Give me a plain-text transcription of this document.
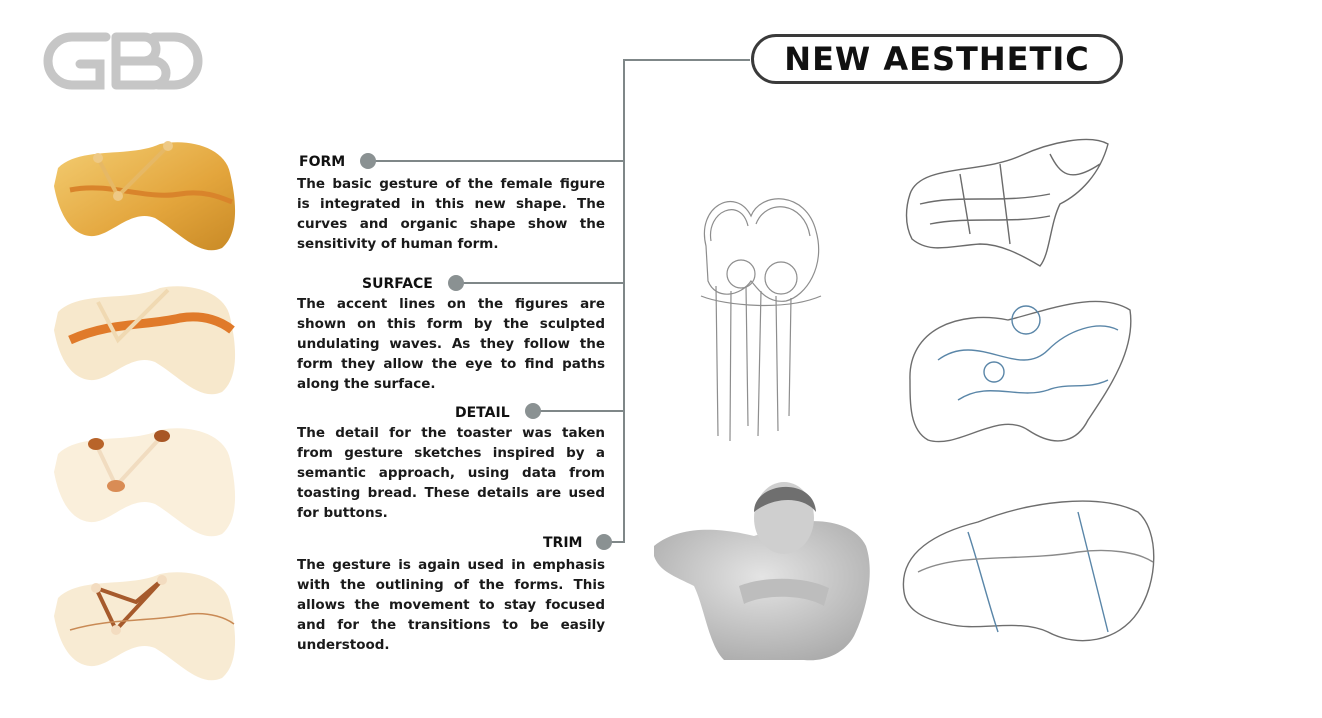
NEW AESTHETIC
FORM
The basic gesture of the female figure is integrated in this new shape. The curves and organic shape show the sensitivity of human form.
SURFACE
The accent lines on the figures are shown on this form by the sculpted undulating waves. As they follow the form they allow the eye to find paths along the surface.
DETAIL
The detail for the toaster was taken from gesture sketches inspired by a semantic approach, using data from toasting bread. These details are used for buttons.
TRIM
The gesture is again used in emphasis with the outlining of the forms. This allows the movement to stay focused and for the transitions to be easily understood.
